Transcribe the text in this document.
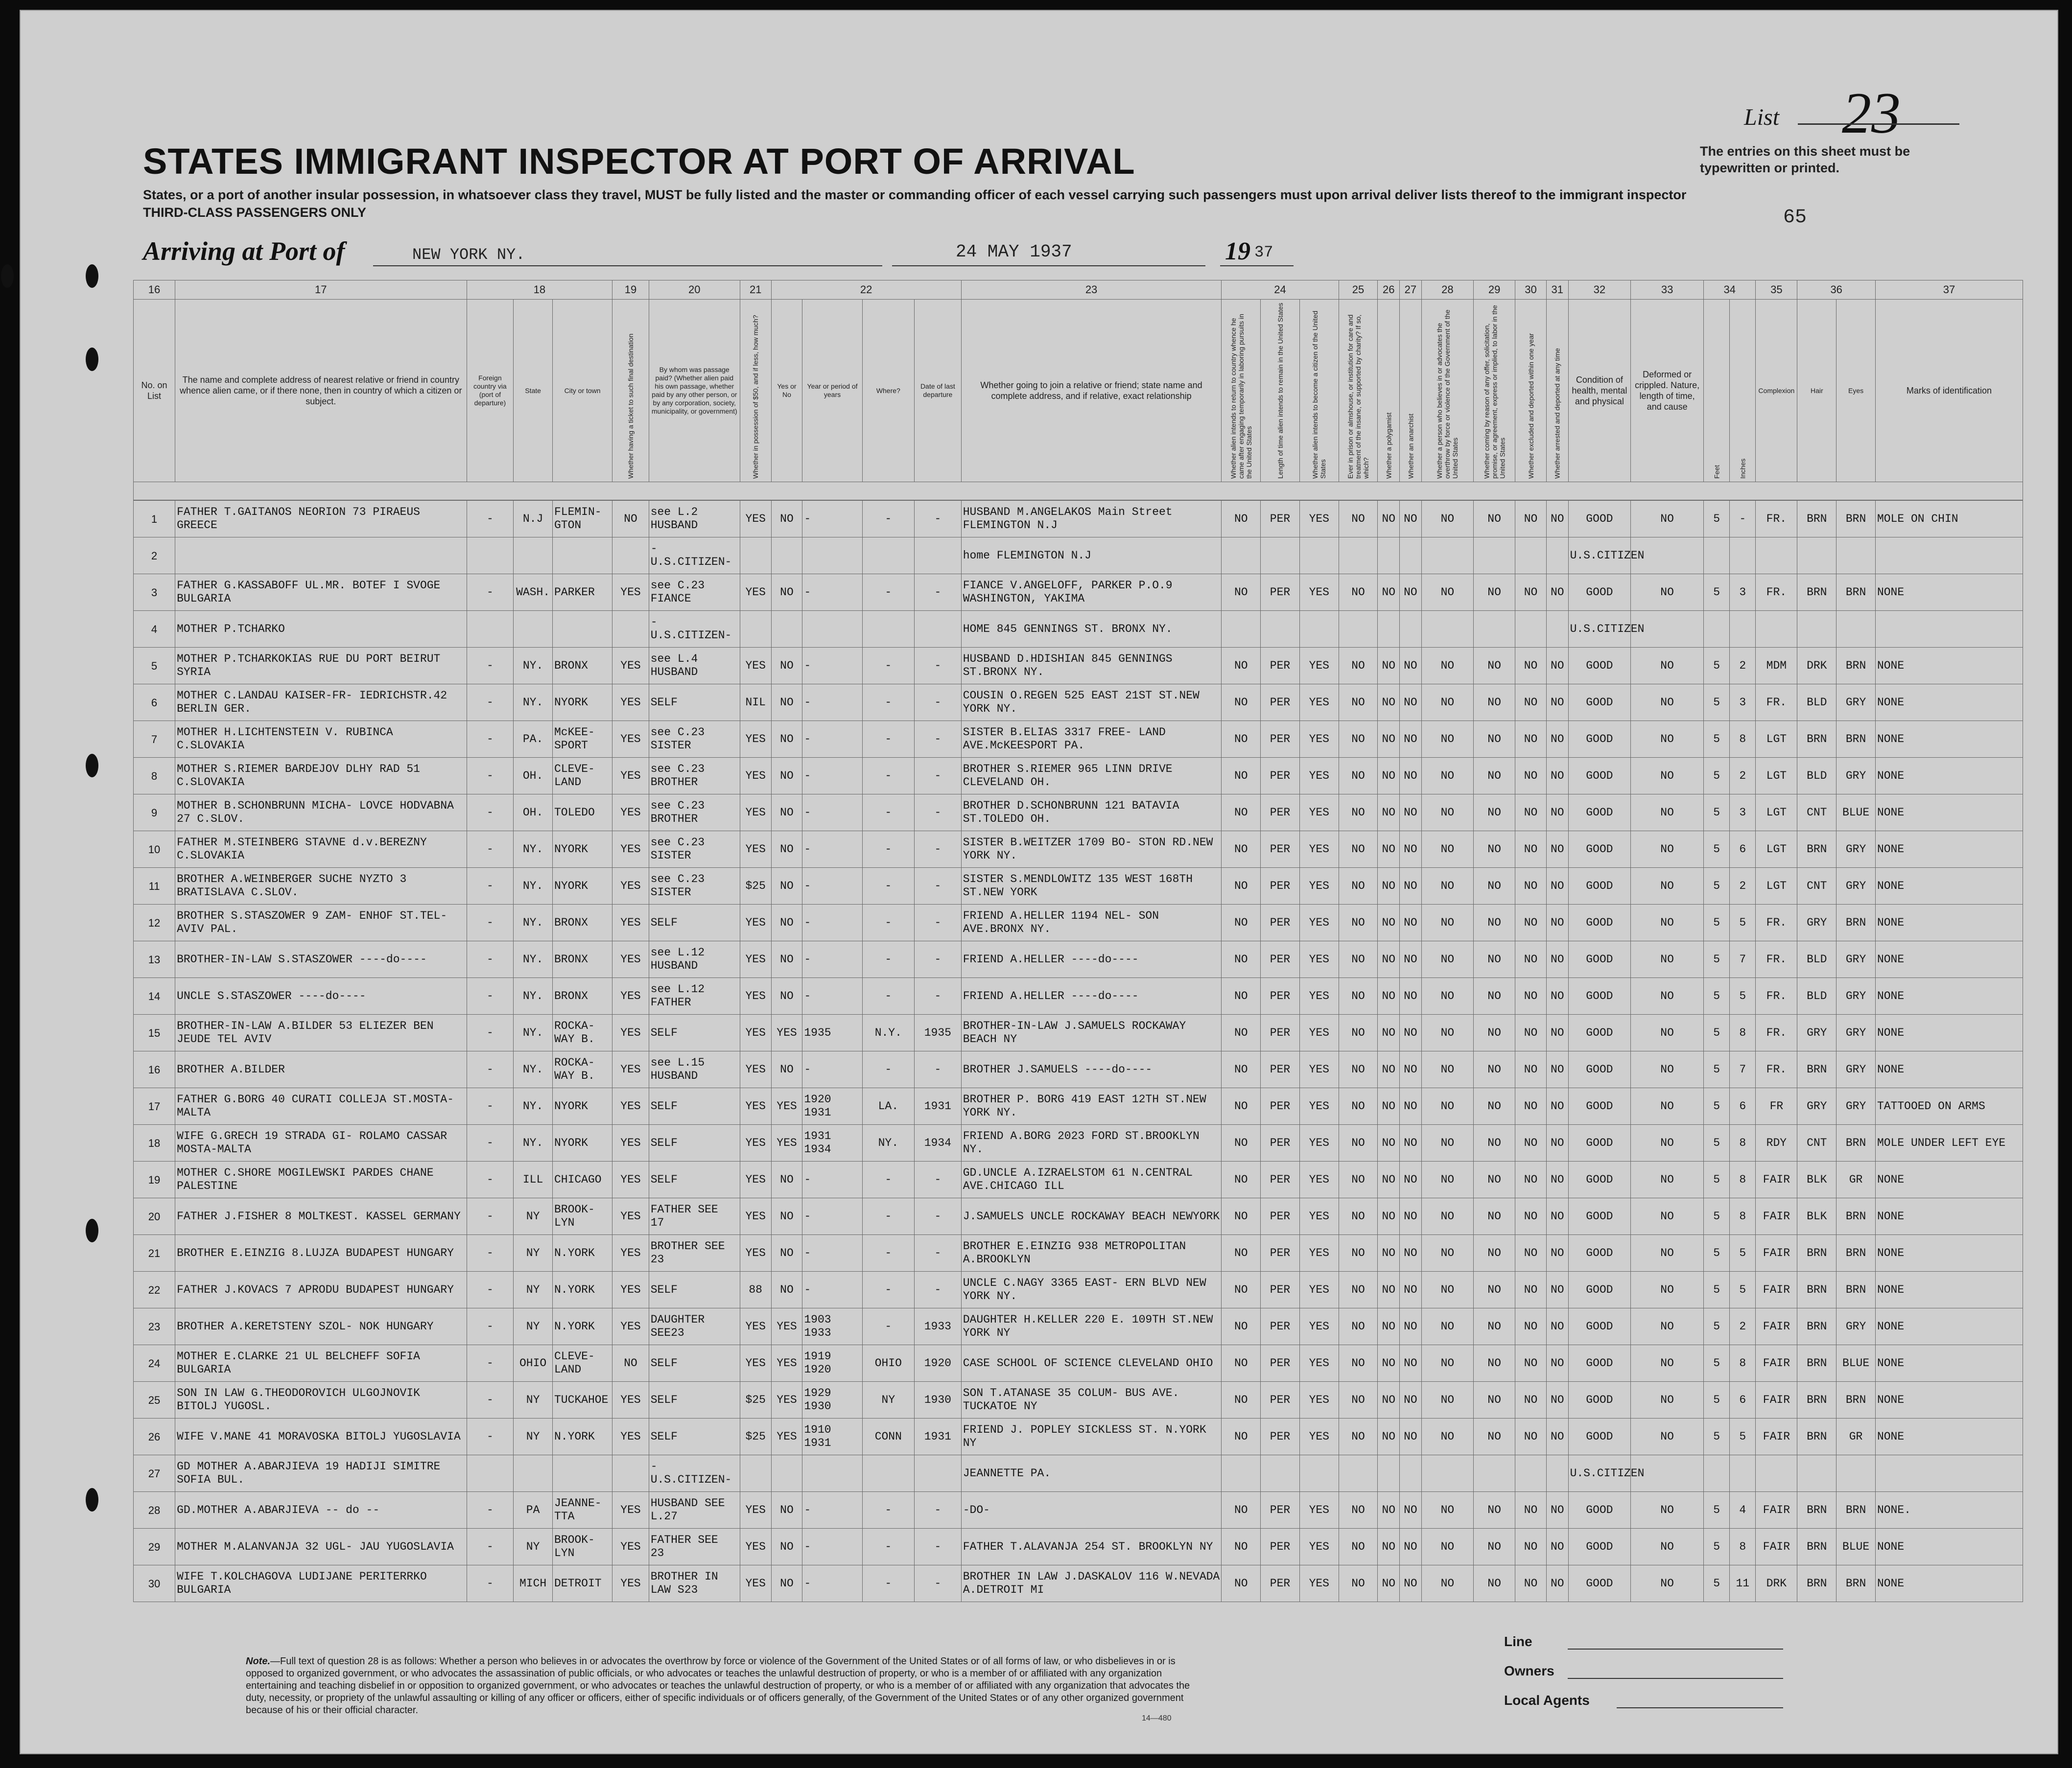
List 23
The entries on this sheet must be typewritten or printed.
65
STATES IMMIGRANT INSPECTOR AT PORT OF ARRIVAL
States, or a port of another insular possession, in whatsoever class they travel, MUST be fully listed and the master or commanding officer of each vessel carrying such passengers must upon arrival deliver lists thereof to the immigrant inspector
THIRD-CLASS PASSENGERS ONLY
Arriving at Port of	NEW YORK NY.	24 MAY 1937	19 37
16	17	18			19	20	21	22				23	24			25	26	27	28	29	30	31	32	33	34		35	36		37
No. on List	The name and complete address of nearest relative or friend in country whence alien came, or if there none, then in country of which a citizen or subject.	Foreign country via (port of departure)	State	City or town	Whether having a ticket to such final destination	By whom was passage paid? (Whether alien paid his own passage, whether paid by any other person, or by any corporation, society, municipality, or government)	Whether in possession of $50, and if less, how much?	Yes or No	Year or period of years	Where?	Date of last departure	Whether going to join a relative or friend; state name and complete address, and if relative, exact relationship	Whether alien intends to return to country whence he came after engaging temporarily in laboring pursuits in the United States	Length of time alien intends to remain in the United States	Whether alien intends to become a citizen of the United States	Ever in prison or almshouse, or institution for care and treatment of the insane, or supported by charity? If so, which?	Whether a polygamist	Whether an anarchist	Whether a person who believes in or advocates the overthrow by force or violence of the Government of the United States	Whether coming by reason of any offer, solicitation, promise, or agreement, express or implied, to labor in the United States	Whether excluded and deported within one year	Whether arrested and deported at any time	Condition of health, mental and physical	Deformed or crippled. Nature, length of time, and cause	Feet	Inches	Complexion	Hair	Eyes	Marks of identification

1	FATHER T.GAITANOS NEORION 73 PIRAEUS GREECE	-	N.J	FLEMIN- GTON	NO	see L.2 HUSBAND	YES	NO	-	-	-	HUSBAND M.ANGELAKOS Main Street FLEMINGTON N.J	NO	PER	YES	NO	NO	NO	NO	NO	NO	NO	GOOD	NO	5	-	FR.	BRN	BRN	MOLE ON CHIN
2						-U.S.CITIZEN-						home FLEMINGTON N.J											U.S.CITIZEN							
3	FATHER G.KASSABOFF UL.MR. BOTEF I SVOGE BULGARIA	-	WASH.	PARKER	YES	see C.23 FIANCE	YES	NO	-	-	-	FIANCE V.ANGELOFF, PARKER P.O.9 WASHINGTON, YAKIMA	NO	PER	YES	NO	NO	NO	NO	NO	NO	NO	GOOD	NO	5	3	FR.	BRN	BRN	NONE
4	MOTHER P.TCHARKO					-U.S.CITIZEN-						HOME 845 GENNINGS ST. BRONX NY.											U.S.CITIZEN							
5	MOTHER P.TCHARKOKIAS RUE DU PORT BEIRUT SYRIA	-	NY.	BRONX	YES	see L.4 HUSBAND	YES	NO	-	-	-	HUSBAND D.HDISHIAN 845 GENNINGS ST.BRONX NY.	NO	PER	YES	NO	NO	NO	NO	NO	NO	NO	GOOD	NO	5	2	MDM	DRK	BRN	NONE
6	MOTHER C.LANDAU KAISER-FR- IEDRICHSTR.42 BERLIN GER.	-	NY.	NYORK	YES	SELF	NIL	NO	-	-	-	COUSIN O.REGEN 525 EAST 21ST ST.NEW YORK NY.	NO	PER	YES	NO	NO	NO	NO	NO	NO	NO	GOOD	NO	5	3	FR.	BLD	GRY	NONE
7	MOTHER H.LICHTENSTEIN V. RUBINCA C.SLOVAKIA	-	PA.	McKEE- SPORT	YES	see C.23 SISTER	YES	NO	-	-	-	SISTER B.ELIAS 3317 FREE- LAND AVE.McKEESPORT PA.	NO	PER	YES	NO	NO	NO	NO	NO	NO	NO	GOOD	NO	5	8	LGT	BRN	BRN	NONE
8	MOTHER S.RIEMER BARDEJOV DLHY RAD 51 C.SLOVAKIA	-	OH.	CLEVE- LAND	YES	see C.23 BROTHER	YES	NO	-	-	-	BROTHER S.RIEMER 965 LINN DRIVE CLEVELAND OH.	NO	PER	YES	NO	NO	NO	NO	NO	NO	NO	GOOD	NO	5	2	LGT	BLD	GRY	NONE
9	MOTHER B.SCHONBRUNN MICHA- LOVCE HODVABNA 27 C.SLOV.	-	OH.	TOLEDO	YES	see C.23 BROTHER	YES	NO	-	-	-	BROTHER D.SCHONBRUNN 121 BATAVIA ST.TOLEDO OH.	NO	PER	YES	NO	NO	NO	NO	NO	NO	NO	GOOD	NO	5	3	LGT	CNT	BLUE	NONE
10	FATHER M.STEINBERG STAVNE d.v.BEREZNY C.SLOVAKIA	-	NY.	NYORK	YES	see C.23 SISTER	YES	NO	-	-	-	SISTER B.WEITZER 1709 BO- STON RD.NEW YORK NY.	NO	PER	YES	NO	NO	NO	NO	NO	NO	NO	GOOD	NO	5	6	LGT	BRN	GRY	NONE
11	BROTHER A.WEINBERGER SUCHE NYZTO 3 BRATISLAVA C.SLOV.	-	NY.	NYORK	YES	see C.23 SISTER	$25	NO	-	-	-	SISTER S.MENDLOWITZ 135 WEST 168TH ST.NEW YORK	NO	PER	YES	NO	NO	NO	NO	NO	NO	NO	GOOD	NO	5	2	LGT	CNT	GRY	NONE
12	BROTHER S.STASZOWER 9 ZAM- ENHOF ST.TEL-AVIV PAL.	-	NY.	BRONX	YES	SELF	YES	NO	-	-	-	FRIEND A.HELLER 1194 NEL- SON AVE.BRONX NY.	NO	PER	YES	NO	NO	NO	NO	NO	NO	NO	GOOD	NO	5	5	FR.	GRY	BRN	NONE
13	BROTHER-IN-LAW S.STASZOWER ----do----	-	NY.	BRONX	YES	see L.12 HUSBAND	YES	NO	-	-	-	FRIEND A.HELLER ----do----	NO	PER	YES	NO	NO	NO	NO	NO	NO	NO	GOOD	NO	5	7	FR.	BLD	GRY	NONE
14	UNCLE S.STASZOWER ----do----	-	NY.	BRONX	YES	see L.12 FATHER	YES	NO	-	-	-	FRIEND A.HELLER ----do----	NO	PER	YES	NO	NO	NO	NO	NO	NO	NO	GOOD	NO	5	5	FR.	BLD	GRY	NONE
15	BROTHER-IN-LAW A.BILDER 53 ELIEZER BEN JEUDE TEL AVIV	-	NY.	ROCKA- WAY B.	YES	SELF	YES	YES	1935	N.Y.	1935	BROTHER-IN-LAW J.SAMUELS ROCKAWAY BEACH NY	NO	PER	YES	NO	NO	NO	NO	NO	NO	NO	GOOD	NO	5	8	FR.	GRY	GRY	NONE
16	BROTHER A.BILDER	-	NY.	ROCKA- WAY B.	YES	see L.15 HUSBAND	YES	NO	-	-	-	BROTHER J.SAMUELS ----do----	NO	PER	YES	NO	NO	NO	NO	NO	NO	NO	GOOD	NO	5	7	FR.	BRN	GRY	NONE
17	FATHER G.BORG 40 CURATI COLLEJA ST.MOSTA-MALTA	-	NY.	NYORK	YES	SELF	YES	YES	1920 1931	LA.	1931	BROTHER P. BORG 419 EAST 12TH ST.NEW YORK NY.	NO	PER	YES	NO	NO	NO	NO	NO	NO	NO	GOOD	NO	5	6	FR	GRY	GRY	TATTOOED ON ARMS
18	WIFE G.GRECH 19 STRADA GI- ROLAMO CASSAR MOSTA-MALTA	-	NY.	NYORK	YES	SELF	YES	YES	1931 1934	NY.	1934	FRIEND A.BORG 2023 FORD ST.BROOKLYN NY.	NO	PER	YES	NO	NO	NO	NO	NO	NO	NO	GOOD	NO	5	8	RDY	CNT	BRN	MOLE UNDER LEFT EYE
19	MOTHER C.SHORE MOGILEWSKI PARDES CHANE PALESTINE	-	ILL	CHICAGO	YES	SELF	YES	NO	-	-	-	GD.UNCLE A.IZRAELSTOM 61 N.CENTRAL AVE.CHICAGO ILL	NO	PER	YES	NO	NO	NO	NO	NO	NO	NO	GOOD	NO	5	8	FAIR	BLK	GR	NONE
20	FATHER J.FISHER 8 MOLTKEST. KASSEL GERMANY	-	NY	BROOK- LYN	YES	FATHER SEE 17	YES	NO	-	-	-	J.SAMUELS UNCLE ROCKAWAY BEACH NEWYORK	NO	PER	YES	NO	NO	NO	NO	NO	NO	NO	GOOD	NO	5	8	FAIR	BLK	BRN	NONE
21	BROTHER E.EINZIG 8.LUJZA BUDAPEST HUNGARY	-	NY	N.YORK	YES	BROTHER SEE 23	YES	NO	-	-	-	BROTHER E.EINZIG 938 METROPOLITAN A.BROOKLYN	NO	PER	YES	NO	NO	NO	NO	NO	NO	NO	GOOD	NO	5	5	FAIR	BRN	BRN	NONE
22	FATHER J.KOVACS 7 APRODU BUDAPEST HUNGARY	-	NY	N.YORK	YES	SELF	88	NO	-	-	-	UNCLE C.NAGY 3365 EAST- ERN BLVD NEW YORK NY.	NO	PER	YES	NO	NO	NO	NO	NO	NO	NO	GOOD	NO	5	5	FAIR	BRN	BRN	NONE
23	BROTHER A.KERETSTENY SZOL- NOK HUNGARY	-	NY	N.YORK	YES	DAUGHTER SEE23	YES	YES	1903 1933	-	1933	DAUGHTER H.KELLER 220 E. 109TH ST.NEW YORK NY	NO	PER	YES	NO	NO	NO	NO	NO	NO	NO	GOOD	NO	5	2	FAIR	BRN	GRY	NONE
24	MOTHER E.CLARKE 21 UL BELCHEFF SOFIA BULGARIA	-	OHIO	CLEVE- LAND	NO	SELF	YES	YES	1919 1920	OHIO	1920	CASE SCHOOL OF SCIENCE CLEVELAND OHIO	NO	PER	YES	NO	NO	NO	NO	NO	NO	NO	GOOD	NO	5	8	FAIR	BRN	BLUE	NONE
25	SON IN LAW G.THEODOROVICH ULGOJNOVIK BITOLJ YUGOSL.	-	NY	TUCKAHOE	YES	SELF	$25	YES	1929 1930	NY	1930	SON T.ATANASE 35 COLUM- BUS AVE. TUCKATOE NY	NO	PER	YES	NO	NO	NO	NO	NO	NO	NO	GOOD	NO	5	6	FAIR	BRN	BRN	NONE
26	WIFE V.MANE 41 MORAVOSKA BITOLJ YUGOSLAVIA	-	NY	N.YORK	YES	SELF	$25	YES	1910 1931	CONN	1931	FRIEND J. POPLEY SICKLESS ST. N.YORK NY	NO	PER	YES	NO	NO	NO	NO	NO	NO	NO	GOOD	NO	5	5	FAIR	BRN	GR	NONE
27	GD MOTHER A.ABARJIEVA 19 HADIJI SIMITRE SOFIA BUL.					-U.S.CITIZEN-						JEANNETTE PA.											U.S.CITIZEN							
28	GD.MOTHER A.ABARJIEVA -- do --	-	PA	JEANNE- TTA	YES	HUSBAND SEE L.27	YES	NO	-	-	-	-DO-	NO	PER	YES	NO	NO	NO	NO	NO	NO	NO	GOOD	NO	5	4	FAIR	BRN	BRN	NONE.
29	MOTHER M.ALANVANJA 32 UGL- JAU YUGOSLAVIA	-	NY	BROOK- LYN	YES	FATHER SEE 23	YES	NO	-	-	-	FATHER T.ALAVANJA 254 ST. BROOKLYN NY	NO	PER	YES	NO	NO	NO	NO	NO	NO	NO	GOOD	NO	5	8	FAIR	BRN	BLUE	NONE
30	WIFE T.KOLCHAGOVA LUDIJANE PERITERRKO BULGARIA	-	MICH	DETROIT	YES	BROTHER IN LAW S23	YES	NO	-	-	-	BROTHER IN LAW J.DASKALOV 116 W.NEVADA A.DETROIT MI	NO	PER	YES	NO	NO	NO	NO	NO	NO	NO	GOOD	NO	5	11	DRK	BRN	BRN	NONE
Note.—Full text of question 28 is as follows: Whether a person who believes in or advocates the overthrow by force or violence of the Government of the United States or of all forms of law, or who disbelieves in or is opposed to organized government, or who advocates the assassination of public officials, or who advocates or teaches the unlawful destruction of property, or who is a member of or affiliated with any organization entertaining and teaching disbelief in or opposition to organized government, or who advocates or teaches the unlawful destruction of property, or who is a member of or affiliated with any organization that advocates the duty, necessity, or propriety of the unlawful assaulting or killing of any officer or officers, either of specific individuals or of officers generally, of the Government of the United States or of any other organized government because of his or their official character.
14—480
Line
Owners
Local Agents
